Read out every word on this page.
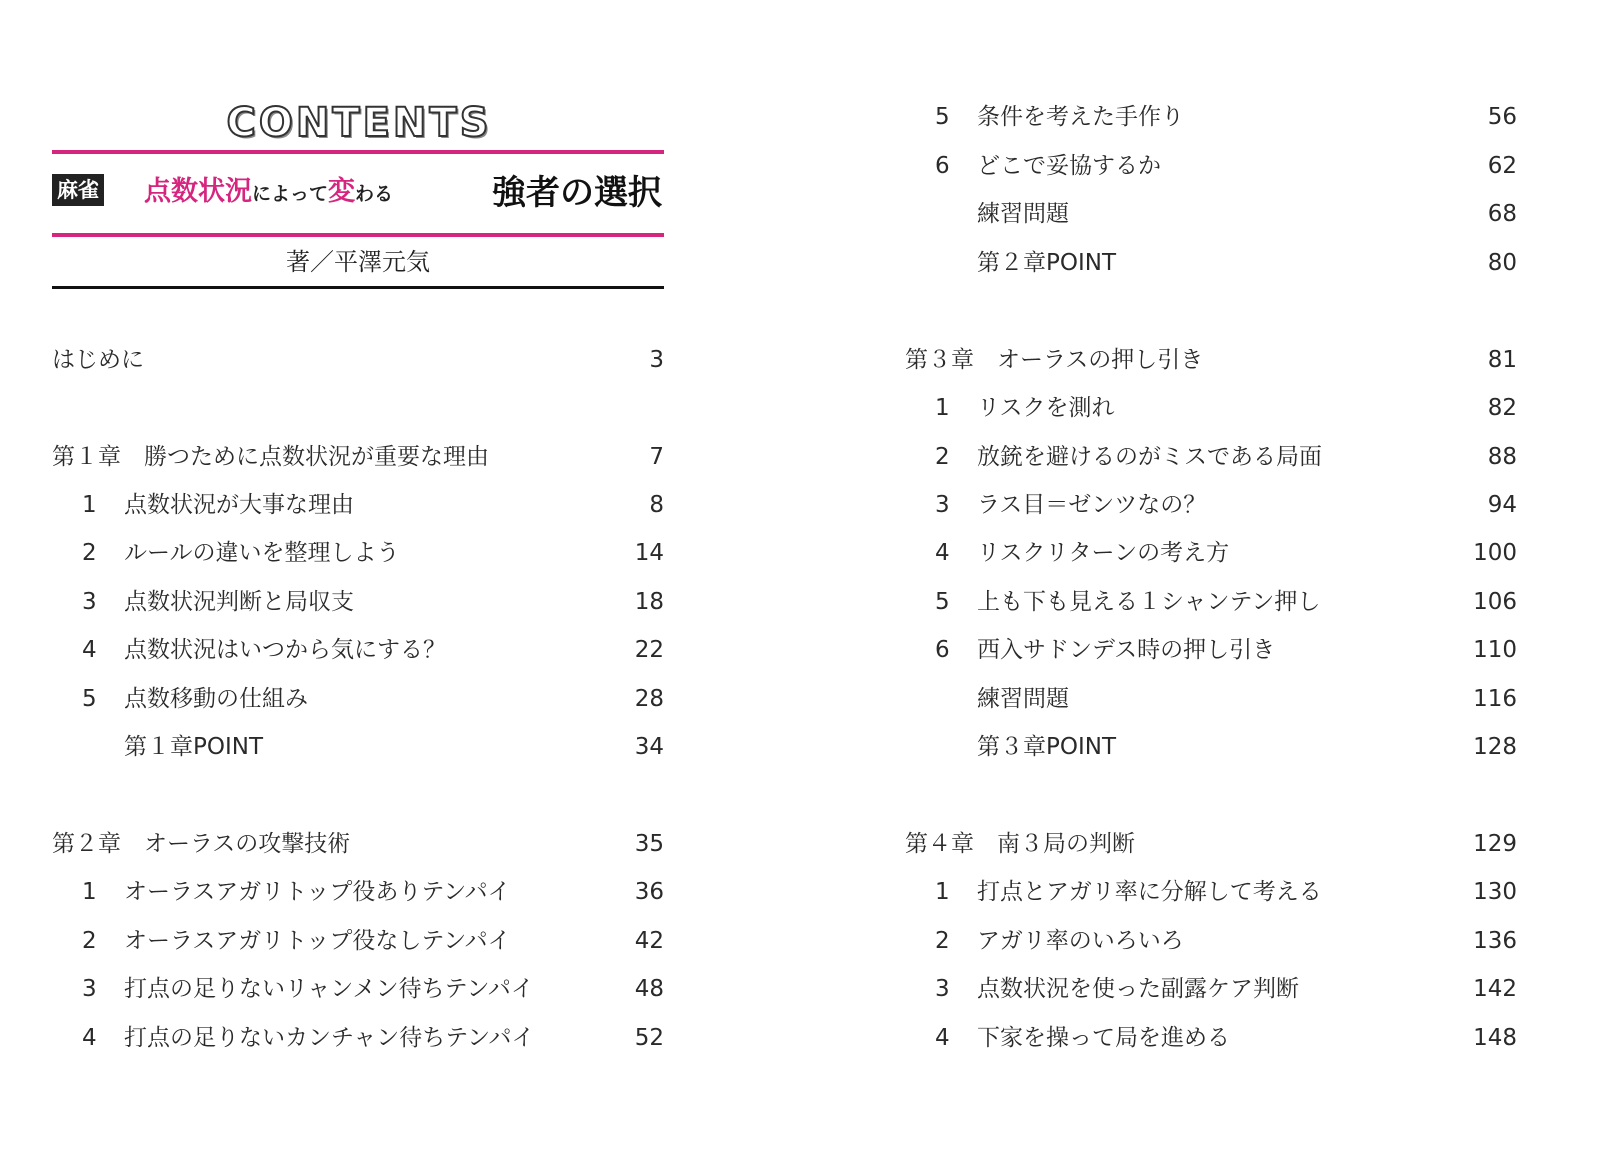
CONTENTS
麻雀 点数状況によって変わる	強者の選択
著／平澤元気
はじめに	3
第１章　勝つために点数状況が重要な理由	7
1 点数状況が大事な理由	8
2 ルールの違いを整理しよう	14
3 点数状況判断と局収支	18
4 点数状況はいつから気にする？	22
5 点数移動の仕組み	28
第１章POINT	34
第２章　オーラスの攻撃技術	35
1 オーラスアガリトップ役ありテンパイ	36
2 オーラスアガリトップ役なしテンパイ	42
3 打点の足りないリャンメン待ちテンパイ	48
4 打点の足りないカンチャン待ちテンパイ	52
5 条件を考えた手作り	56
6 どこで妥協するか	62
練習問題	68
第２章POINT	80
第３章　オーラスの押し引き	81
1 リスクを測れ	82
2 放銃を避けるのがミスである局面	88
3 ラス目＝ゼンツなの？	94
4 リスクリターンの考え方	100
5 上も下も見える１シャンテン押し	106
6 西入サドンデス時の押し引き	110
練習問題	116
第３章POINT	128
第４章　南３局の判断	129
1 打点とアガリ率に分解して考える	130
2 アガリ率のいろいろ	136
3 点数状況を使った副露ケア判断	142
4 下家を操って局を進める	148
